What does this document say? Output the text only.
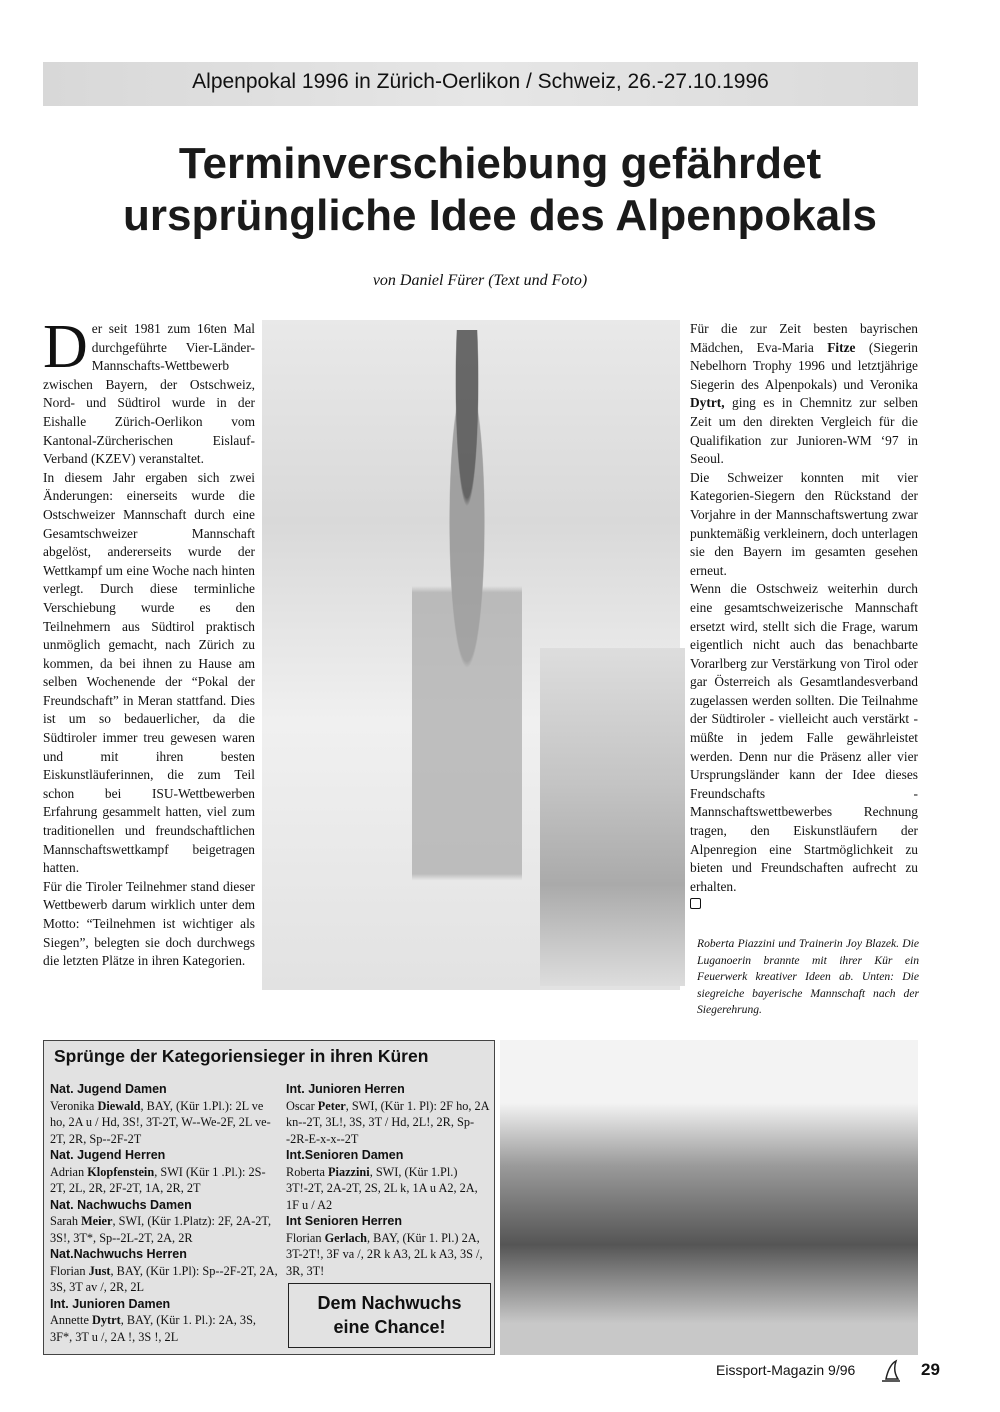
Alpenpokal 1996 in Zürich-Oerlikon / Schweiz, 26.-27.10.1996
Terminverschiebung gefährdet
ursprüngliche Idee des Alpenpokals
von Daniel Fürer (Text und Foto)

Der seit 1981 zum 16ten Mal durchgeführte Vier-Länder-Mannschafts-Wettbewerb zwischen Bayern, der Ostschweiz, Nord- und Südtirol wurde in der Eishalle Zürich-Oerlikon vom Kantonal-Zürcherischen Eislauf-Verband (KZEV) veranstaltet.

In diesem Jahr ergaben sich zwei Änderungen: einerseits wurde die Ostschweizer Mannschaft durch eine Gesamtschweizer Mannschaft abgelöst, andererseits wurde der Wettkampf um eine Woche nach hinten verlegt. Durch diese terminliche Verschiebung wurde es den Teilnehmern aus Südtirol praktisch unmöglich gemacht, nach Zürich zu kommen, da bei ihnen zu Hause am selben Wochenende der “Pokal der Freundschaft” in Meran stattfand. Dies ist um so bedauerlicher, da die Südtiroler immer treu gewesen waren und mit ihren besten Eiskunstläuferinnen, die zum Teil schon bei ISU-Wettbewerben Erfahrung gesammelt hatten, viel zum traditionellen und freundschaftlichen Mannschaftswettkampf beigetragen hatten.

Für die Tiroler Teilnehmer stand dieser Wettbewerb darum wirklich unter dem Motto: “Teilnehmen ist wichtiger als Siegen”, belegten sie doch durchwegs die letzten Plätze in ihren Kategorien.

Für die zur Zeit besten bayrischen Mädchen, Eva-Maria Fitze (Siegerin Nebelhorn Trophy 1996 und letztjährige Siegerin des Alpenpokals) und Veronika Dytrt, ging es in Chemnitz zur selben Zeit um den direkten Vergleich für die Qualifikation zur Junioren-WM ‘97 in Seoul.

Die Schweizer konnten mit vier Kategorien-Siegern den Rückstand der Vorjahre in der Mannschaftswertung zwar punktemäßig verkleinern, doch unterlagen sie den Bayern im gesamten gesehen erneut.

Wenn die Ostschweiz weiterhin durch eine gesamtschweizerische Mannschaft ersetzt wird, stellt sich die Frage, warum eigentlich nicht auch das benachbarte Vorarlberg zur Verstärkung von Tirol oder gar Österreich als Gesamtlandesverband zugelassen werden sollten. Die Teilnahme der Südtiroler - vielleicht auch verstärkt - müßte in jedem Falle gewährleistet werden. Denn nur die Präsenz aller vier Ursprungsländer kann der Idee dieses Freundschafts - Mannschaftswettbewerbes Rechnung tragen, den Eiskunstläufern der Alpenregion eine Startmöglichkeit zu bieten und Freundschaften aufrecht zu erhalten.

Roberta Piazzini und Trainerin Joy Blazek. Die Luganoerin brannte mit ihrer Kür ein Feuerwerk kreativer Ideen ab. Unten: Die siegreiche bayerische Mannschaft nach der Siegerehrung.
Sprünge der Kategoriensieger in ihren Küren
Nat. Jugend Damen
Veronika Diewald, BAY, (Kür 1.Pl.): 2L ve ho, 2A u / Hd, 3S!, 3T-2T, W--We-2F, 2L ve-2T, 2R, Sp--2F-2T
Nat. Jugend Herren
Adrian Klopfenstein, SWI (Kür 1 .Pl.): 2S-2T, 2L, 2R, 2F-2T, 1A, 2R, 2T
Nat. Nachwuchs Damen
Sarah Meier, SWI, (Kür 1.Platz): 2F, 2A-2T, 3S!, 3T*, Sp--2L-2T, 2A, 2R
Nat.Nachwuchs Herren
Florian Just, BAY, (Kür 1.Pl): Sp--2F-2T, 2A, 3S, 3T av /, 2R, 2L
Int. Junioren Damen
Annette Dytrt, BAY, (Kür 1. Pl.): 2A, 3S, 3F*, 3T u /, 2A !, 3S !, 2L
Int. Junioren Herren
Oscar Peter, SWI, (Kür 1. Pl): 2F ho, 2A kn--2T, 3L!, 3S, 3T / Hd, 2L!, 2R, Sp--2R-E-x-x--2T
Int.Senioren Damen
Roberta Piazzini, SWI, (Kür 1.Pl.) 3T!-2T, 2A-2T, 2S, 2L k, 1A u A2, 2A, 1F u / A2
Int Senioren Herren
Florian Gerlach, BAY, (Kür 1. Pl.) 2A, 3T-2T!, 3F va /, 2R k A3, 2L k A3, 3S /, 3R, 3T!
Dem Nachwuchs
eine Chance!
Eissport-Magazin 9/96	29
